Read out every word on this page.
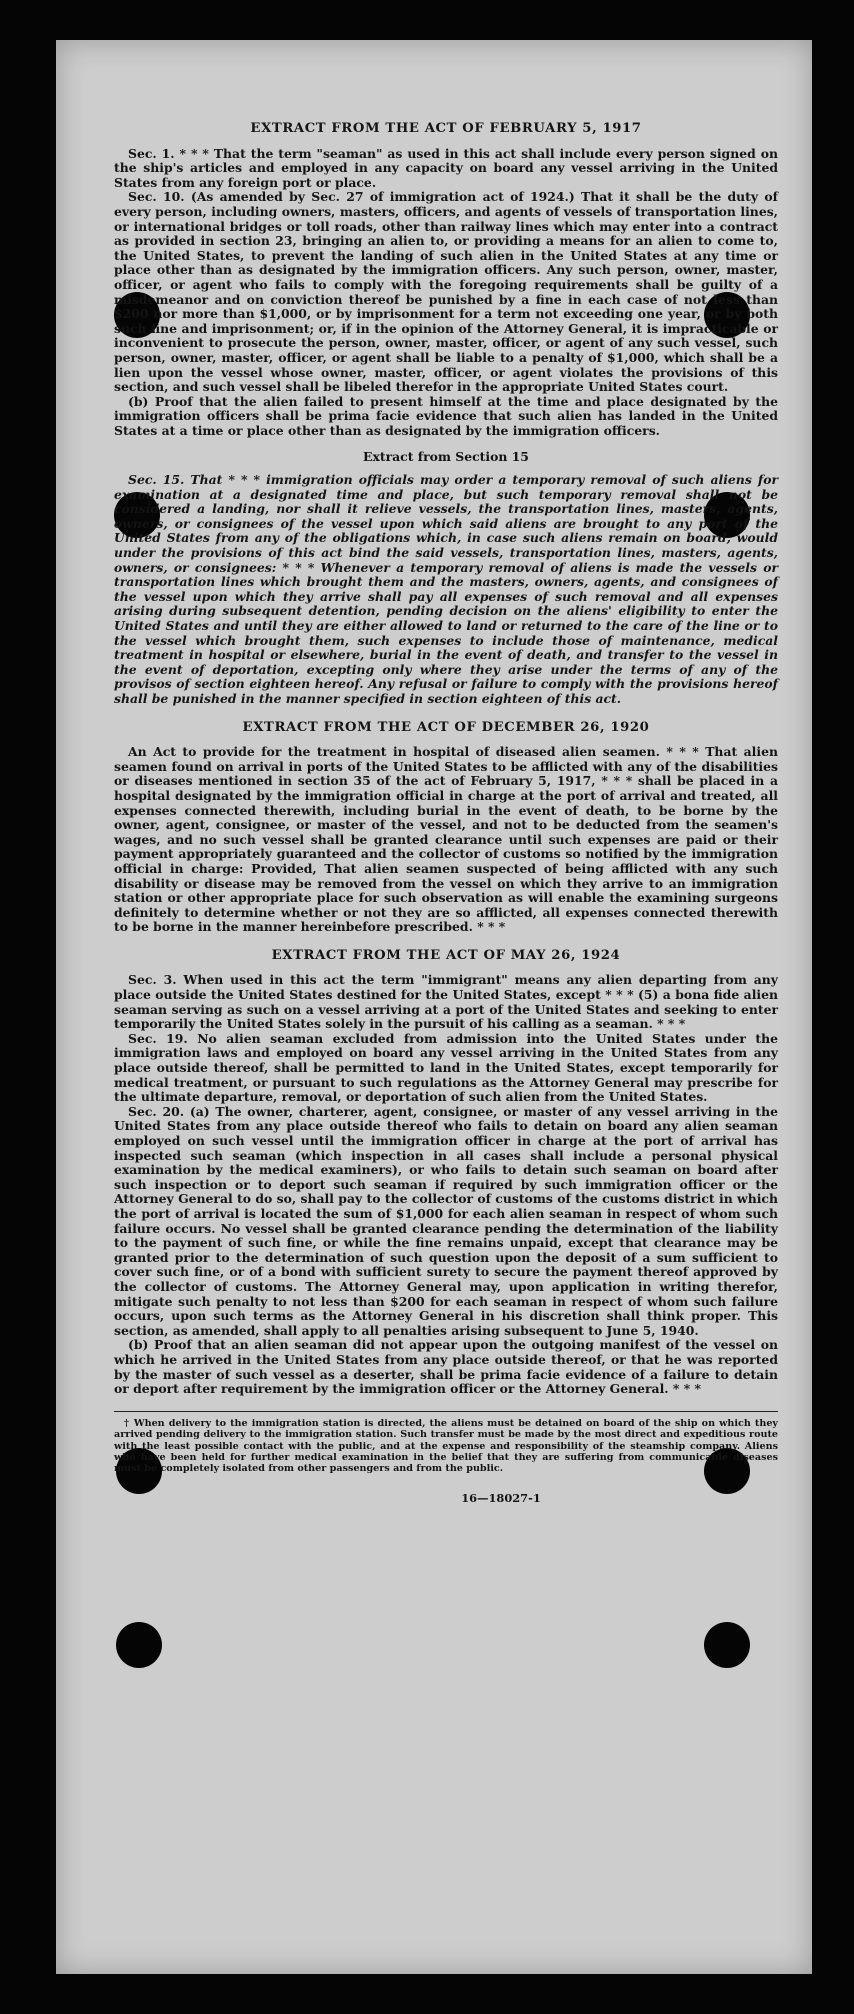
EXTRACT FROM THE ACT OF FEBRUARY 5, 1917

Sec. 1. * * * That the term "seaman" as used in this act shall include every person signed on the ship's articles and employed in any capacity on board any vessel arriving in the United States from any foreign port or place.

Sec. 10. (As amended by Sec. 27 of immigration act of 1924.) That it shall be the duty of every person, including owners, masters, officers, and agents of vessels of transportation lines, or international bridges or toll roads, other than railway lines which may enter into a contract as provided in section 23, bringing an alien to, or providing a means for an alien to come to, the United States, to prevent the landing of such alien in the United States at any time or place other than as designated by the immigration officers. Any such person, owner, master, officer, or agent who fails to comply with the foregoing requirements shall be guilty of a misdemeanor and on conviction thereof be punished by a fine in each case of not less than $200 nor more than $1,000, or by imprisonment for a term not exceeding one year, or by both such fine and imprisonment; or, if in the opinion of the Attorney General, it is impracticable or inconvenient to prosecute the person, owner, master, officer, or agent of any such vessel, such person, owner, master, officer, or agent shall be liable to a penalty of $1,000, which shall be a lien upon the vessel whose owner, master, officer, or agent violates the provisions of this section, and such vessel shall be libeled therefor in the appropriate United States court.

(b) Proof that the alien failed to present himself at the time and place designated by the immigration officers shall be prima facie evidence that such alien has landed in the United States at a time or place other than as designated by the immigration officers.

Extract from Section 15

Sec. 15. That * * * immigration officials may order a temporary removal of such aliens for examination at a designated time and place, but such temporary removal shall not be considered a landing, nor shall it relieve vessels, the transportation lines, masters, agents, owners, or consignees of the vessel upon which said aliens are brought to any port of the United States from any of the obligations which, in case such aliens remain on board, would under the provisions of this act bind the said vessels, transportation lines, masters, agents, owners, or consignees: * * * Whenever a temporary removal of aliens is made the vessels or transportation lines which brought them and the masters, owners, agents, and consignees of the vessel upon which they arrive shall pay all expenses of such removal and all expenses arising during subsequent detention, pending decision on the aliens' eligibility to enter the United States and until they are either allowed to land or returned to the care of the line or to the vessel which brought them, such expenses to include those of maintenance, medical treatment in hospital or elsewhere, burial in the event of death, and transfer to the vessel in the event of deportation, excepting only where they arise under the terms of any of the provisos of section eighteen hereof. Any refusal or failure to comply with the provisions hereof shall be punished in the manner specified in section eighteen of this act.

EXTRACT FROM THE ACT OF DECEMBER 26, 1920

An Act to provide for the treatment in hospital of diseased alien seamen. * * * That alien seamen found on arrival in ports of the United States to be afflicted with any of the disabilities or diseases mentioned in section 35 of the act of February 5, 1917, * * * shall be placed in a hospital designated by the immigration official in charge at the port of arrival and treated, all expenses connected therewith, including burial in the event of death, to be borne by the owner, agent, consignee, or master of the vessel, and not to be deducted from the seamen's wages, and no such vessel shall be granted clearance until such expenses are paid or their payment appropriately guaranteed and the collector of customs so notified by the immigration official in charge: Provided, That alien seamen suspected of being afflicted with any such disability or disease may be removed from the vessel on which they arrive to an immigration station or other appropriate place for such observation as will enable the examining surgeons definitely to determine whether or not they are so afflicted, all expenses connected therewith to be borne in the manner hereinbefore prescribed. * * *

EXTRACT FROM THE ACT OF MAY 26, 1924

Sec. 3. When used in this act the term "immigrant" means any alien departing from any place outside the United States destined for the United States, except * * * (5) a bona fide alien seaman serving as such on a vessel arriving at a port of the United States and seeking to enter temporarily the United States solely in the pursuit of his calling as a seaman. * * *

Sec. 19. No alien seaman excluded from admission into the United States under the immigration laws and employed on board any vessel arriving in the United States from any place outside thereof, shall be permitted to land in the United States, except temporarily for medical treatment, or pursuant to such regulations as the Attorney General may prescribe for the ultimate departure, removal, or deportation of such alien from the United States.

Sec. 20. (a) The owner, charterer, agent, consignee, or master of any vessel arriving in the United States from any place outside thereof who fails to detain on board any alien seaman employed on such vessel until the immigration officer in charge at the port of arrival has inspected such seaman (which inspection in all cases shall include a personal physical examination by the medical examiners), or who fails to detain such seaman on board after such inspection or to deport such seaman if required by such immigration officer or the Attorney General to do so, shall pay to the collector of customs of the customs district in which the port of arrival is located the sum of $1,000 for each alien seaman in respect of whom such failure occurs. No vessel shall be granted clearance pending the determination of the liability to the payment of such fine, or while the fine remains unpaid, except that clearance may be granted prior to the determination of such question upon the deposit of a sum sufficient to cover such fine, or of a bond with sufficient surety to secure the payment thereof approved by the collector of customs. The Attorney General may, upon application in writing therefor, mitigate such penalty to not less than $200 for each seaman in respect of whom such failure occurs, upon such terms as the Attorney General in his discretion shall think proper. This section, as amended, shall apply to all penalties arising subsequent to June 5, 1940.

(b) Proof that an alien seaman did not appear upon the outgoing manifest of the vessel on which he arrived in the United States from any place outside thereof, or that he was reported by the master of such vessel as a deserter, shall be prima facie evidence of a failure to detain or deport after requirement by the immigration officer or the Attorney General. * * *

† When delivery to the immigration station is directed, the aliens must be detained on board of the ship on which they arrived pending delivery to the immigration station. Such transfer must be made by the most direct and expeditious route with the least possible contact with the public, and at the expense and responsibility of the steamship company. Aliens who have been held for further medical examination in the belief that they are suffering from communicable diseases must be completely isolated from other passengers and from the public.

16—18027-1
